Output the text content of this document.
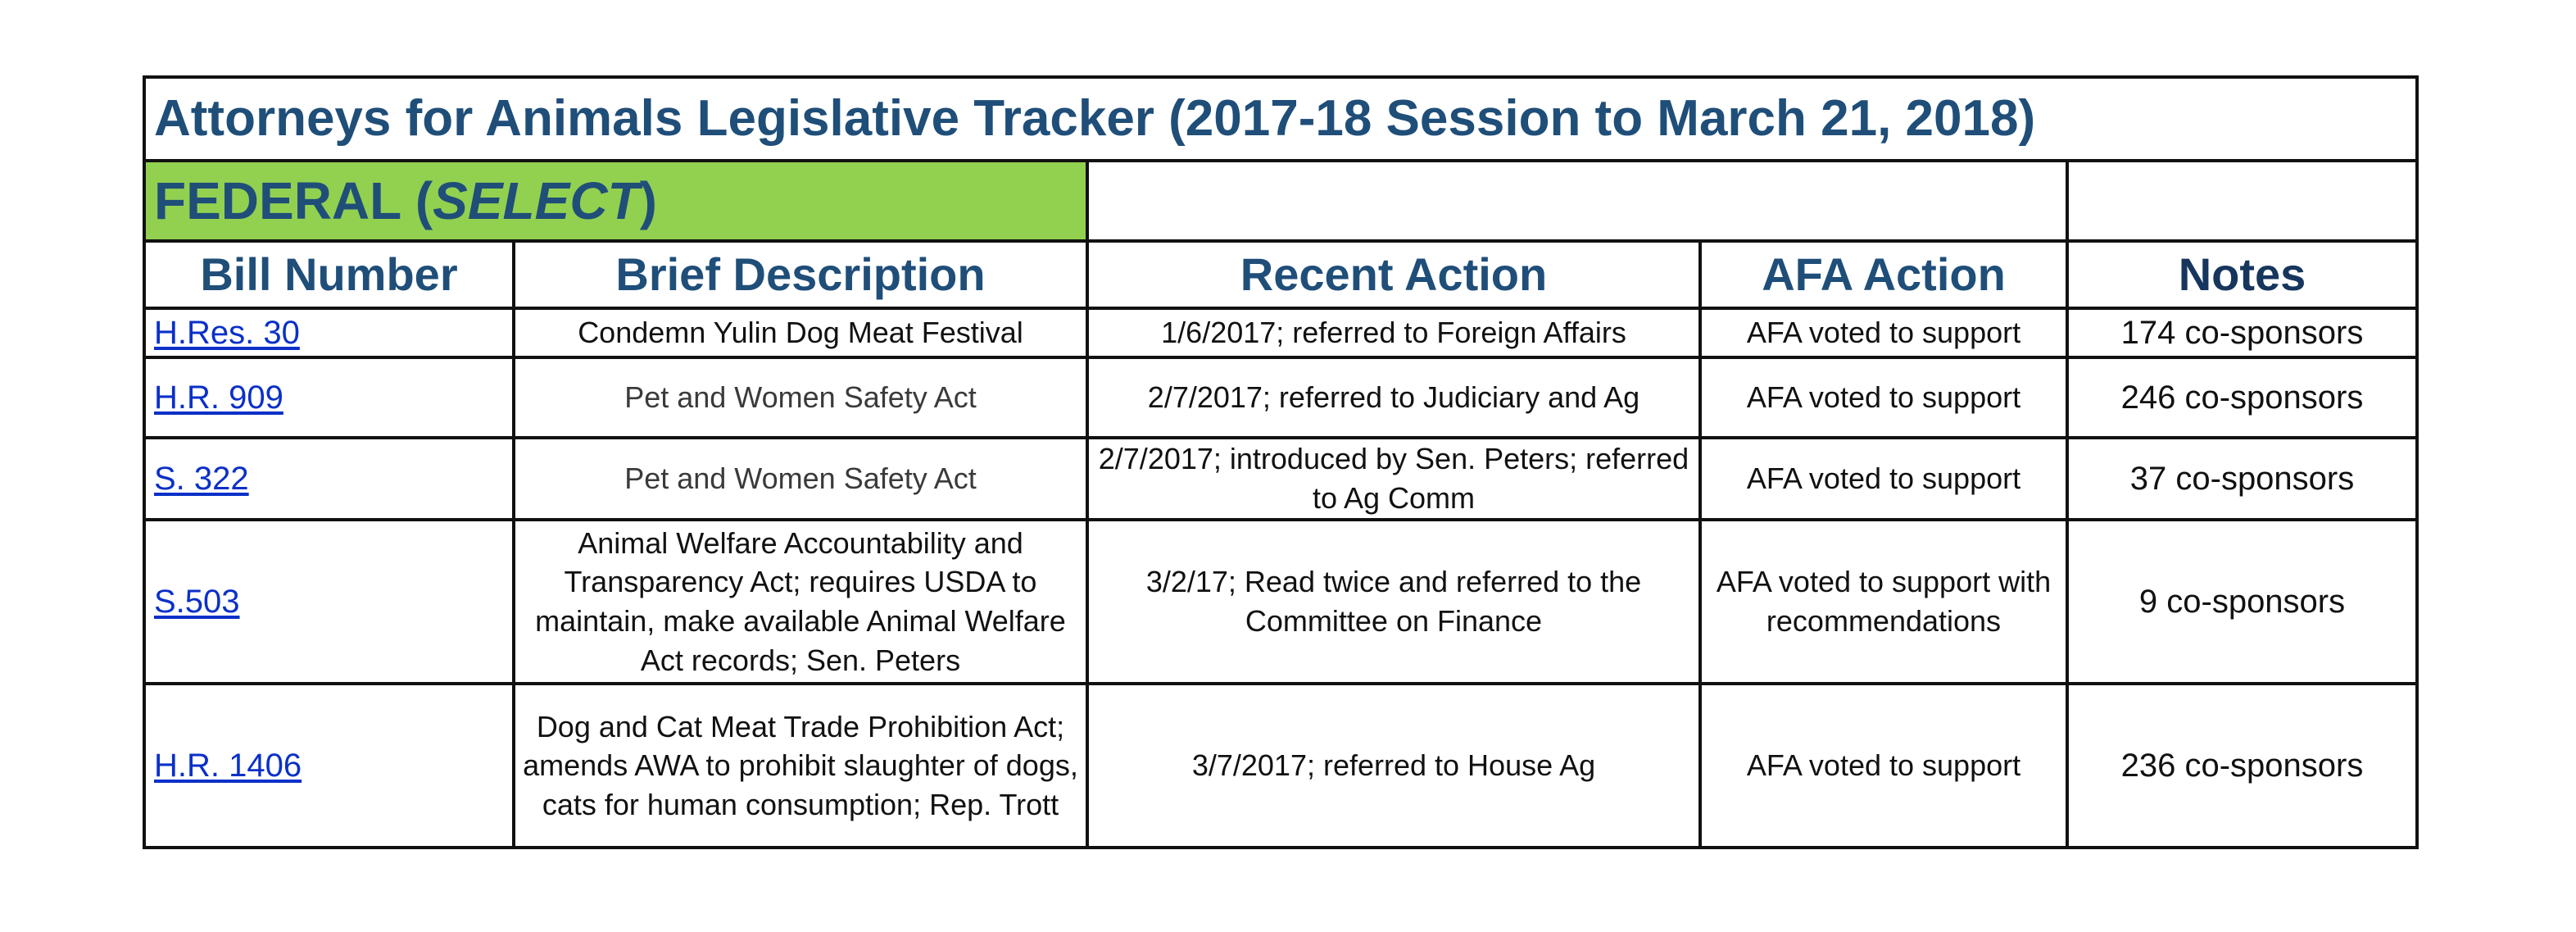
Attorneys for Animals Legislative Tracker (2017-18 Session to March 21, 2018)				
FEDERAL (SELECT)				
Bill Number	Brief Description	Recent Action	AFA Action	Notes
H.Res. 30	Condemn Yulin Dog Meat Festival	1/6/2017; referred to Foreign Affairs	AFA voted to support	174 co-sponsors
H.R. 909	Pet and Women Safety Act	2/7/2017; referred to Judiciary and Ag	AFA voted to support	246 co-sponsors
S. 322	Pet and Women Safety Act	2/7/2017; introduced by Sen. Peters; referred to Ag Comm	AFA voted to support	37 co-sponsors
S.503	Animal Welfare Accountability and Transparency Act; requires USDA to maintain, make available Animal Welfare Act records; Sen. Peters	3/2/17; Read twice and referred to the Committee on Finance	AFA voted to support with recommendations	9 co-sponsors
H.R. 1406	Dog and Cat Meat Trade Prohibition Act; amends AWA to prohibit slaughter of dogs, cats for human consumption; Rep. Trott	3/7/2017; referred to House Ag	AFA voted to support	236 co-sponsors
